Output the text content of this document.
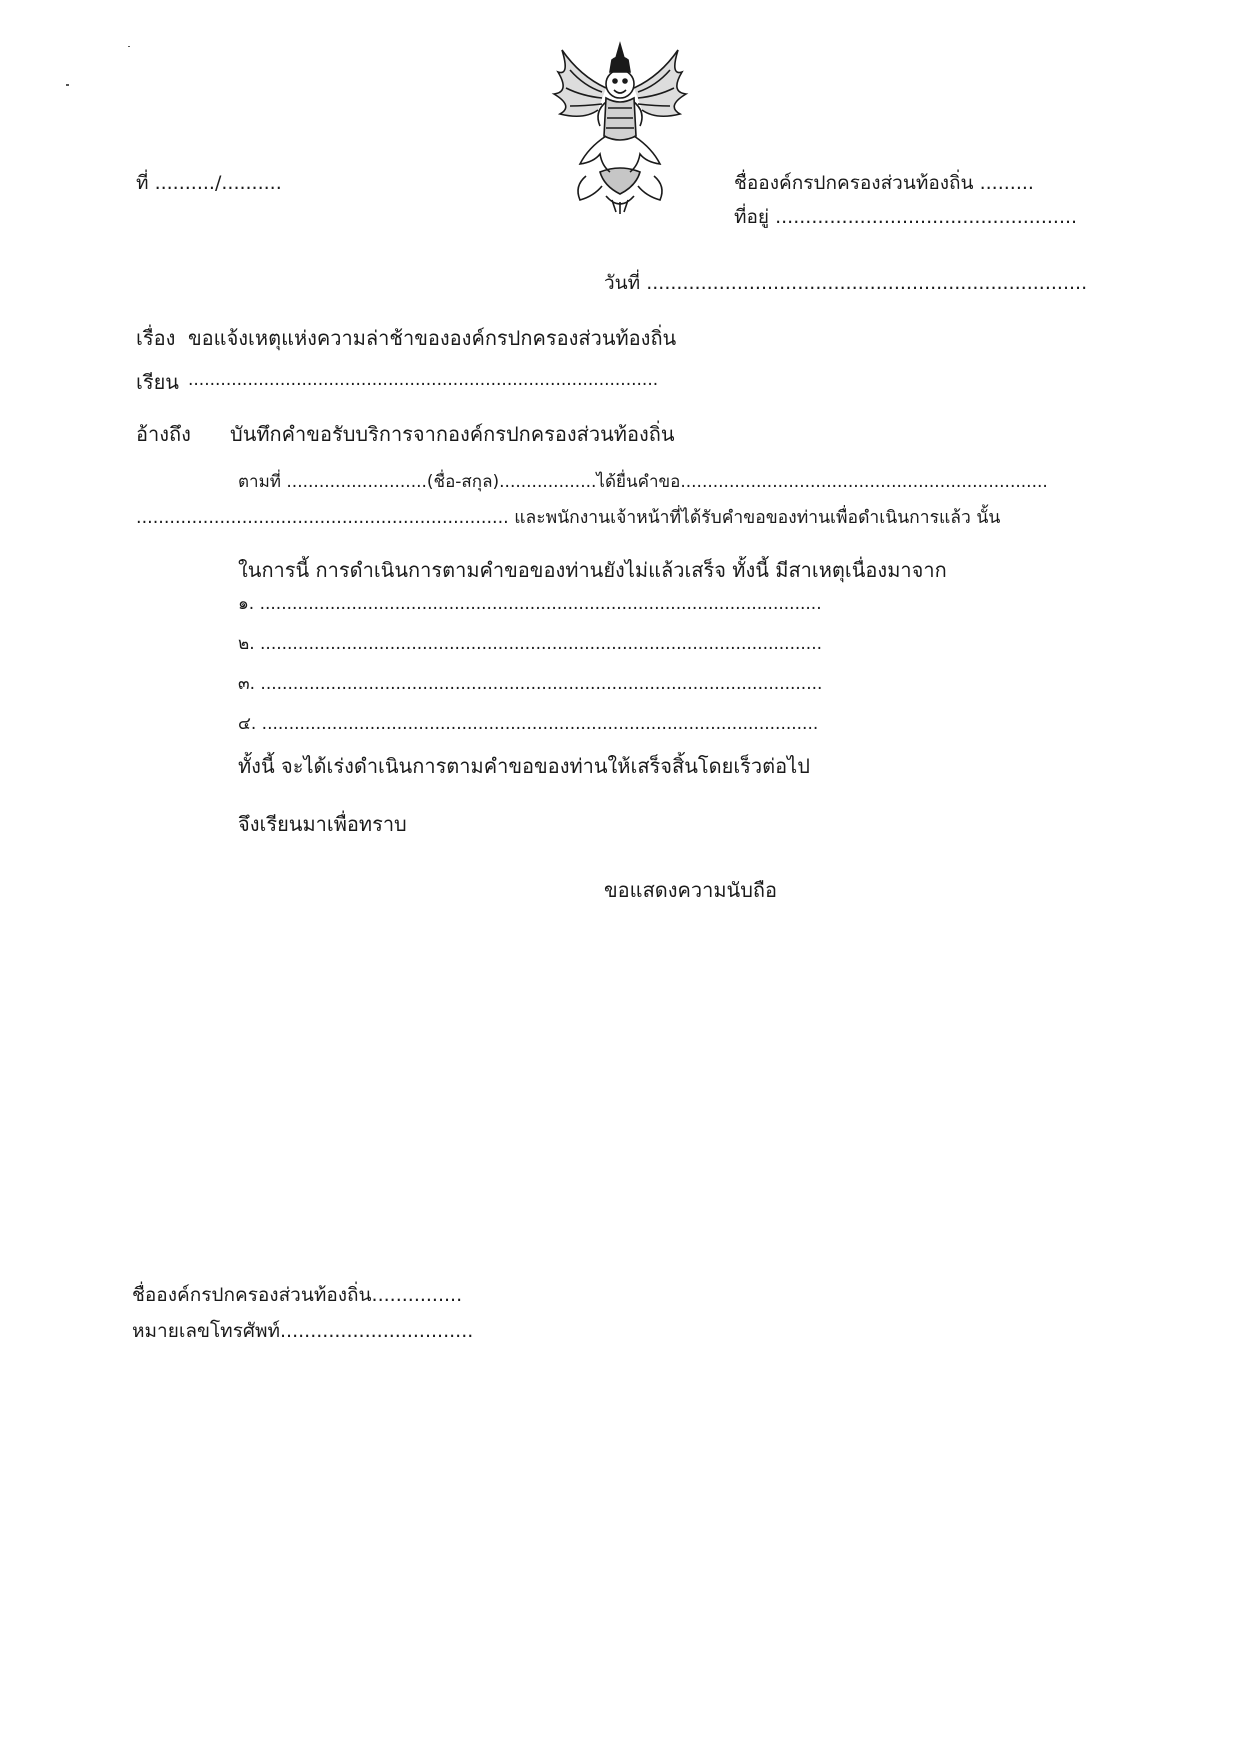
ที่ ........../..........	ชื่อองค์กรปกครองส่วนท้องถิ่น .........
ที่อยู่ ..................................................
วันที่ .........................................................................
เรื่อง ขอแจ้งเหตุแห่งความล่าช้าขององค์กรปกครองส่วนท้องถิ่น
เรียน .......................................................................................
อ้างถึง บันทึกคำขอรับบริการจากองค์กรปกครองส่วนท้องถิ่น
ตามที่ ..........................(ชื่อ-สกุล)..................ได้ยื่นคำขอ....................................................................
................................................................... และพนักงานเจ้าหน้าที่ได้รับคำขอของท่านเพื่อดำเนินการแล้ว นั้น
ในการนี้ การดำเนินการตามคำขอของท่านยังไม่แล้วเสร็จ ทั้งนี้ มีสาเหตุเนื่องมาจาก
๑. ........................................................................................................
๒. ........................................................................................................
๓. ........................................................................................................
๔. .......................................................................................................
ทั้งนี้ จะได้เร่งดำเนินการตามคำขอของท่านให้เสร็จสิ้นโดยเร็วต่อไป
จึงเรียนมาเพื่อทราบ
ขอแสดงความนับถือ
ชื่อองค์กรปกครองส่วนท้องถิ่น...............
หมายเลขโทรศัพท์................................
